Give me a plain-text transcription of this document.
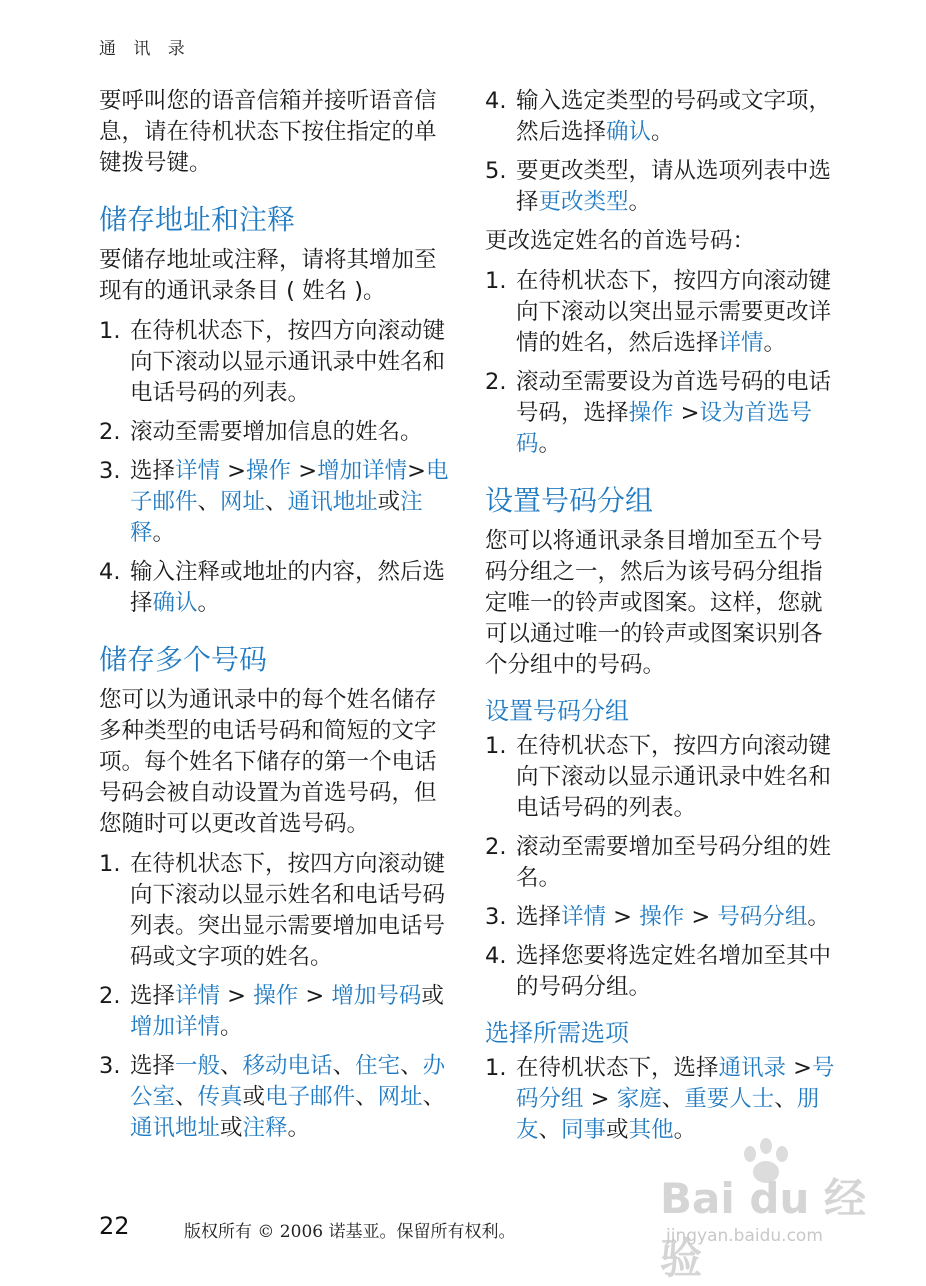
通 讯 录

要呼叫您的语音信箱并接听语音信息，请在待机状态下按住指定的单键拨号键。

储存地址和注释

要储存地址或注释，请将其增加至现有的通讯录条目 ( 姓名 )。

1. 在待机状态下，按四方向滚动键向下滚动以显示通讯录中姓名和电话号码的列表。
2. 滚动至需要增加信息的姓名。
3. 选择详情 >操作 >增加详情>电子邮件、网址、通讯地址或注释。
4. 输入注释或地址的内容，然后选择确认。
储存多个号码

您可以为通讯录中的每个姓名储存多种类型的电话号码和简短的文字项。每个姓名下储存的第一个电话号码会被自动设置为首选号码，但您随时可以更改首选号码。

1. 在待机状态下，按四方向滚动键向下滚动以显示姓名和电话号码列表。突出显示需要增加电话号码或文字项的姓名。
2. 选择详情 > 操作 > 增加号码或增加详情。
3. 选择一般、移动电话、住宅、办公室、传真或电子邮件、网址、通讯地址或注释。
4. 输入选定类型的号码或文字项，然后选择确认。
5. 要更改类型，请从选项列表中选择更改类型。

更改选定姓名的首选号码：

1. 在待机状态下，按四方向滚动键向下滚动以突出显示需要更改详情的姓名，然后选择详情。
2. 滚动至需要设为首选号码的电话号码，选择操作 >设为首选号码。
设置号码分组

您可以将通讯录条目增加至五个号码分组之一，然后为该号码分组指定唯一的铃声或图案。这样，您就可以通过唯一的铃声或图案识别各个分组中的号码。

设置号码分组
1. 在待机状态下，按四方向滚动键向下滚动以显示通讯录中姓名和电话号码的列表。
2. 滚动至需要增加至号码分组的姓名。
3. 选择详情 > 操作 > 号码分组。
4. 选择您要将选定姓名增加至其中的号码分组。
选择所需选项
1. 在待机状态下，选择通讯录 >号码分组 > 家庭、重要人士、朋友、同事或其他。
22	版权所有 © 2006 诺基亚。保留所有权利。
Bai du 经验
jingyan.baidu.com
